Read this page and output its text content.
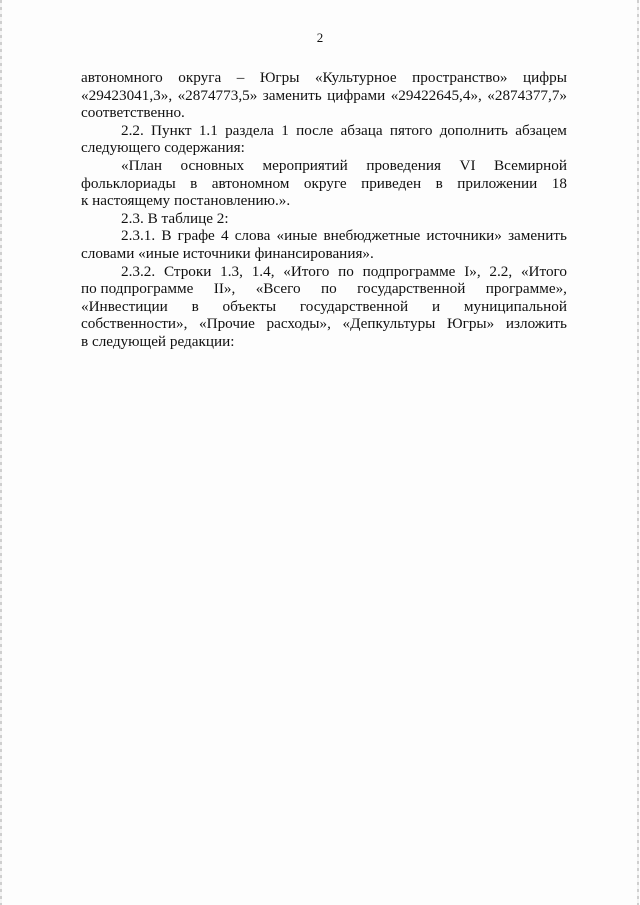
2
автономного округа – Югры «Культурное пространство» цифры
«29423041,3», «2874773,5» заменить цифрами «29422645,4», «2874377,7»
соответственно.
2.2. Пункт 1.1 раздела 1 после абзаца пятого дополнить абзацем
следующего содержания:
«План основных мероприятий проведения VI Всемирной
фольклориады в автономном округе приведен в приложении 18
к настоящему постановлению.».
2.3. В таблице 2:
2.3.1. В графе 4 слова «иные внебюджетные источники» заменить
словами «иные источники финансирования».
2.3.2. Строки 1.3, 1.4, «Итого по подпрограмме I», 2.2, «Итого
по подпрограмме II», «Всего по государственной программе»,
«Инвестиции в объекты государственной и муниципальной
собственности», «Прочие расходы», «Депкультуры Югры» изложить
в следующей редакции:
